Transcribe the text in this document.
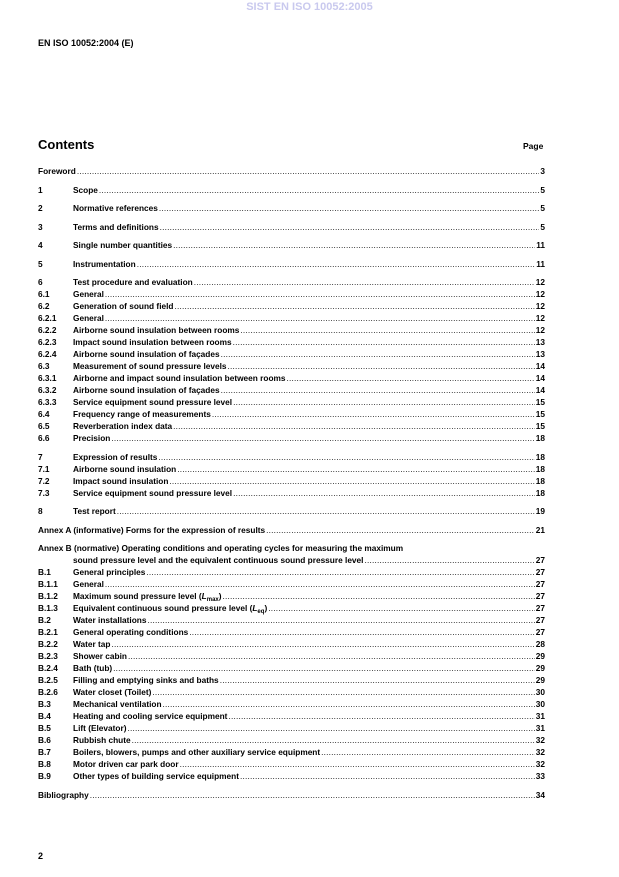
SIST EN ISO 10052:2005
EN ISO 10052:2004 (E)
Contents	Page
Foreword .....	3
1	Scope .....	5
2	Normative references .....	5
3	Terms and definitions .....	5
4	Single number quantities .....	11
5	Instrumentation .....	11
6	Test procedure and evaluation .....	12
6.1	General .....	12
6.2	Generation of sound field .....	12
6.2.1	General .....	12
6.2.2	Airborne sound insulation between rooms .....	12
6.2.3	Impact sound insulation between rooms .....	13
6.2.4	Airborne sound insulation of façades .....	13
6.3	Measurement of sound pressure levels .....	14
6.3.1	Airborne and impact sound insulation between rooms .....	14
6.3.2	Airborne sound insulation of façades .....	14
6.3.3	Service equipment sound pressure level .....	15
6.4	Frequency range of measurements .....	15
6.5	Reverberation index data .....	15
6.6	Precision .....	18
7	Expression of results .....	18
7.1	Airborne sound insulation .....	18
7.2	Impact sound insulation .....	18
7.3	Service equipment sound pressure level .....	18
8	Test report .....	19
Annex A (informative) Forms for the expression of results .....	21
Annex B (normative) Operating conditions and operating cycles for measuring the maximum
sound pressure level and the equivalent continuous sound pressure level .....	27
B.1	General principles .....	27
B.1.1	General .....	27
B.1.2	Maximum sound pressure level $(L_{max})$ .....	27
B.1.3	Equivalent continuous sound pressure level $(L_{eq})$ .....	27
B.2	Water installations .....	27
B.2.1	General operating conditions .....	27
B.2.2	Water tap .....	28
B.2.3	Shower cabin .....	29
B.2.4	Bath (tub) .....	29
B.2.5	Filling and emptying sinks and baths .....	29
B.2.6	Water closet (Toilet) .....	30
B.3	Mechanical ventilation .....	30
B.4	Heating and cooling service equipment .....	31
B.5	Lift (Elevator) .....	31
B.6	Rubbish chute .....	32
B.7	Boilers, blowers, pumps and other auxiliary service equipment .....	32
B.8	Motor driven car park door .....	32
B.9	Other types of building service equipment .....	33
Bibliography .....	34
2
